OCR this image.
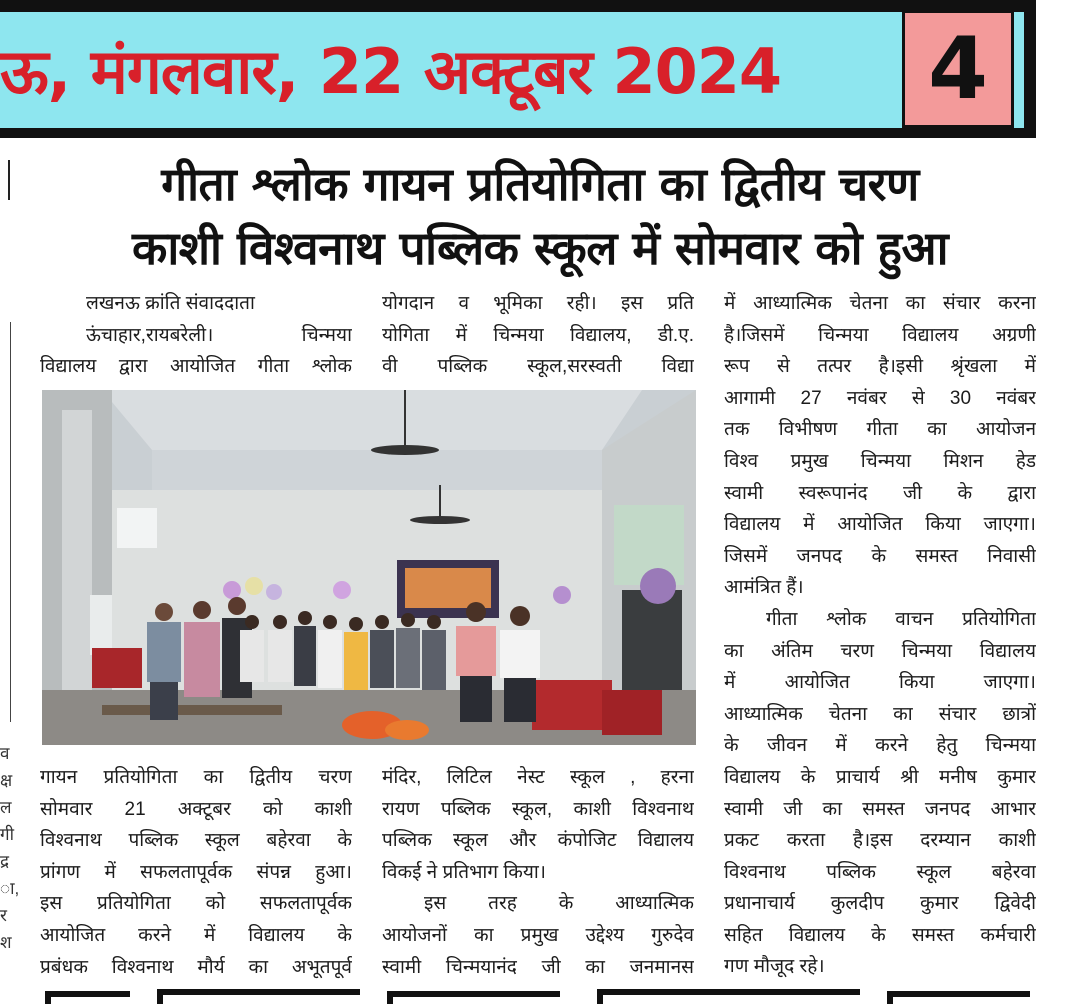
ऊ, मंगलवार, 22 अक्टूबर 2024	4
गीता श्लोक गायन प्रतियोगिता का द्वितीय चरण
काशी विश्वनाथ पब्लिक स्कूल में सोमवार को हुआ
व
क्ष
ल
गी
द्र
ा,
र
श
लखनऊ क्रांति संवाददाता
ऊंचाहार,रायबरेली। चिन्मया
विद्यालय द्वारा आयोजित गीता श्लोक
योगदान व भूमिका रही। इस प्रति
योगिता में चिन्मया विद्यालय, डी.ए.
वी पब्लिक स्कूल,सरस्वती विद्या
में आध्यात्मिक चेतना का संचार करना
है।जिसमें चिन्मया विद्यालय अग्रणी
रूप से तत्पर है।इसी श्रृंखला में
आगामी 27 नवंबर से 30 नवंबर
तक विभीषण गीता का आयोजन
विश्व प्रमुख चिन्मया मिशन हेड
स्वामी स्वरूपानंद जी के द्वारा
विद्यालय में आयोजित किया जाएगा।
जिसमें जनपद के समस्त निवासी
आमंत्रित हैं।
गीता श्लोक वाचन प्रतियोगिता
का अंतिम चरण चिन्मया विद्यालय
में आयोजित किया जाएगा।
आध्यात्मिक चेतना का संचार छात्रों
के जीवन में करने हेतु चिन्मया
विद्यालय के प्राचार्य श्री मनीष कुमार
स्वामी जी का समस्त जनपद आभार
प्रकट करता है।इस दरम्यान काशी
विश्वनाथ पब्लिक स्कूल बहेरवा
प्रधानाचार्य कुलदीप कुमार द्विवेदी
सहित विद्यालय के समस्त कर्मचारी
गण मौजूद रहे।
गायन प्रतियोगिता का द्वितीय चरण
सोमवार 21 अक्टूबर को काशी
विश्वनाथ पब्लिक स्कूल बहेरवा के
प्रांगण में सफलतापूर्वक संपन्न हुआ।
इस प्रतियोगिता को सफलतापूर्वक
आयोजित करने में विद्यालय के
प्रबंधक विश्वनाथ मौर्य का अभूतपूर्व
मंदिर, लिटिल नेस्ट स्कूल , हरना
रायण पब्लिक स्कूल, काशी विश्वनाथ
पब्लिक स्कूल और कंपोजिट विद्यालय
विकई ने प्रतिभाग किया।
इस तरह के आध्यात्मिक
आयोजनों का प्रमुख उद्देश्य गुरुदेव
स्वामी चिन्मयानंद जी का जनमानस
